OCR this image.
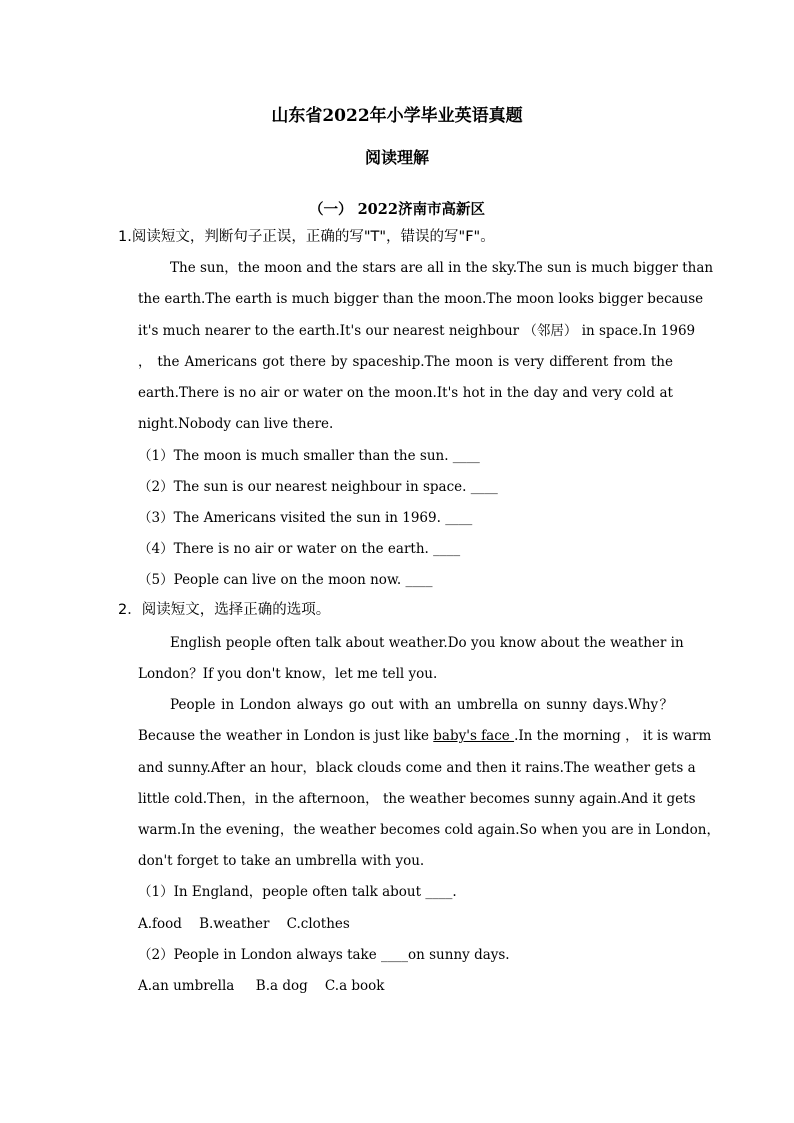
山东省2022年小学毕业英语真题
阅读理解
（一） 2022济南市高新区
1.阅读短文，判断句子正误，正确的写"T"，错误的写"F"。
The sun，the moon and the stars are all in the sky.The sun is much bigger than
the earth.The earth is much bigger than the moon.The moon looks bigger because
it's much nearer to the earth.It's our nearest neighbour （邻居） in space.In 1969
， the Americans got there by spaceship.The moon is very different from the
earth.There is no air or water on the moon.It's hot in the day and very cold at
night.Nobody can live there.
（1）The moon is much smaller than the sun. ____
（2）The sun is our nearest neighbour in space. ____
（3）The Americans visited the sun in 1969. ____
（4）There is no air or water on the earth. ____
（5）People can live on the moon now. ____
2．阅读短文，选择正确的选项。
English people often talk about weather.Do you know about the weather in
London？If you don't know，let me tell you.
People in London always go out with an umbrella on sunny days.Why？
Because the weather in London is just like baby's face .In the morning ， it is warm
and sunny.After an hour，black clouds come and then it rains.The weather gets a
little cold.Then，in the afternoon， the weather becomes sunny again.And it gets
warm.In the evening，the weather becomes cold again.So when you are in London，
don't forget to take an umbrella with you.
（1）In England，people often talk about ____.
A.food    B.weather    C.clothes
（2）People in London always take ____on sunny days.
A.an umbrella     B.a dog    C.a book
